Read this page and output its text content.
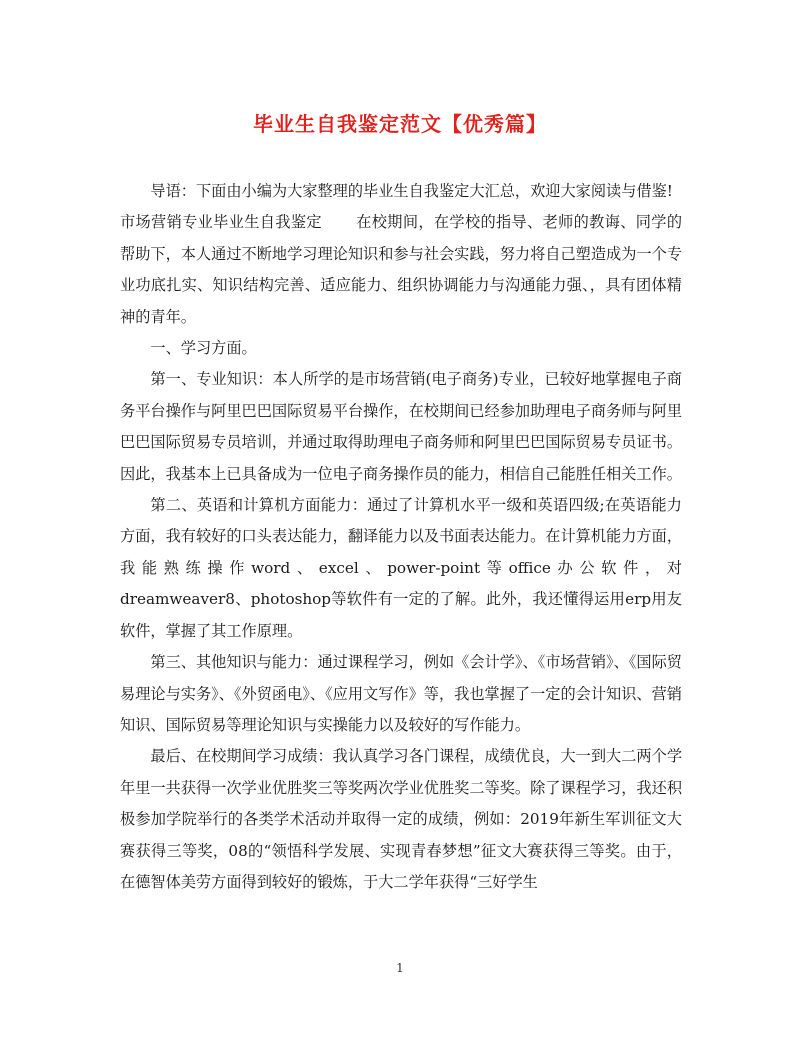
毕业生自我鉴定范文【优秀篇】

导语：下面由小编为大家整理的毕业生自我鉴定大汇总，欢迎大家阅读与借鉴!

市场营销专业毕业生自我鉴定 在校期间，在学校的指导、老师的教诲、同学的帮助下，本人通过不断地学习理论知识和参与社会实践，努力将自己塑造成为一个专业功底扎实、知识结构完善、适应能力、组织协调能力与沟通能力强、，具有团体精神的青年。

一、学习方面。

第一、专业知识：本人所学的是市场营销(电子商务)专业，已较好地掌握电子商务平台操作与阿里巴巴国际贸易平台操作，在校期间已经参加助理电子商务师与阿里巴巴国际贸易专员培训，并通过取得助理电子商务师和阿里巴巴国际贸易专员证书。因此，我基本上已具备成为一位电子商务操作员的能力，相信自己能胜任相关工作。

第二、英语和计算机方面能力：通过了计算机水平一级和英语四级;在英语能力方面，我有较好的口头表达能力，翻译能力以及书面表达能力。在计算机能力方面，我能熟练操作word、excel、power-point等office办公软件，对dreamweaver8、photoshop等软件有一定的了解。此外，我还懂得运用erp用友软件，掌握了其工作原理。

第三、其他知识与能力：通过课程学习，例如《会计学》、《市场营销》、《国际贸易理论与实务》、《外贸函电》、《应用文写作》等，我也掌握了一定的会计知识、营销知识、国际贸易等理论知识与实操能力以及较好的写作能力。

最后、在校期间学习成绩：我认真学习各门课程，成绩优良，大一到大二两个学年里一共获得一次学业优胜奖三等奖两次学业优胜奖二等奖。除了课程学习，我还积极参加学院举行的各类学术活动并取得一定的成绩，例如：2019年新生军训征文大赛获得三等奖，08的“领悟科学发展、实现青春梦想”征文大赛获得三等奖。由于，在德智体美劳方面得到较好的锻炼，于大二学年获得“三好学生

1
